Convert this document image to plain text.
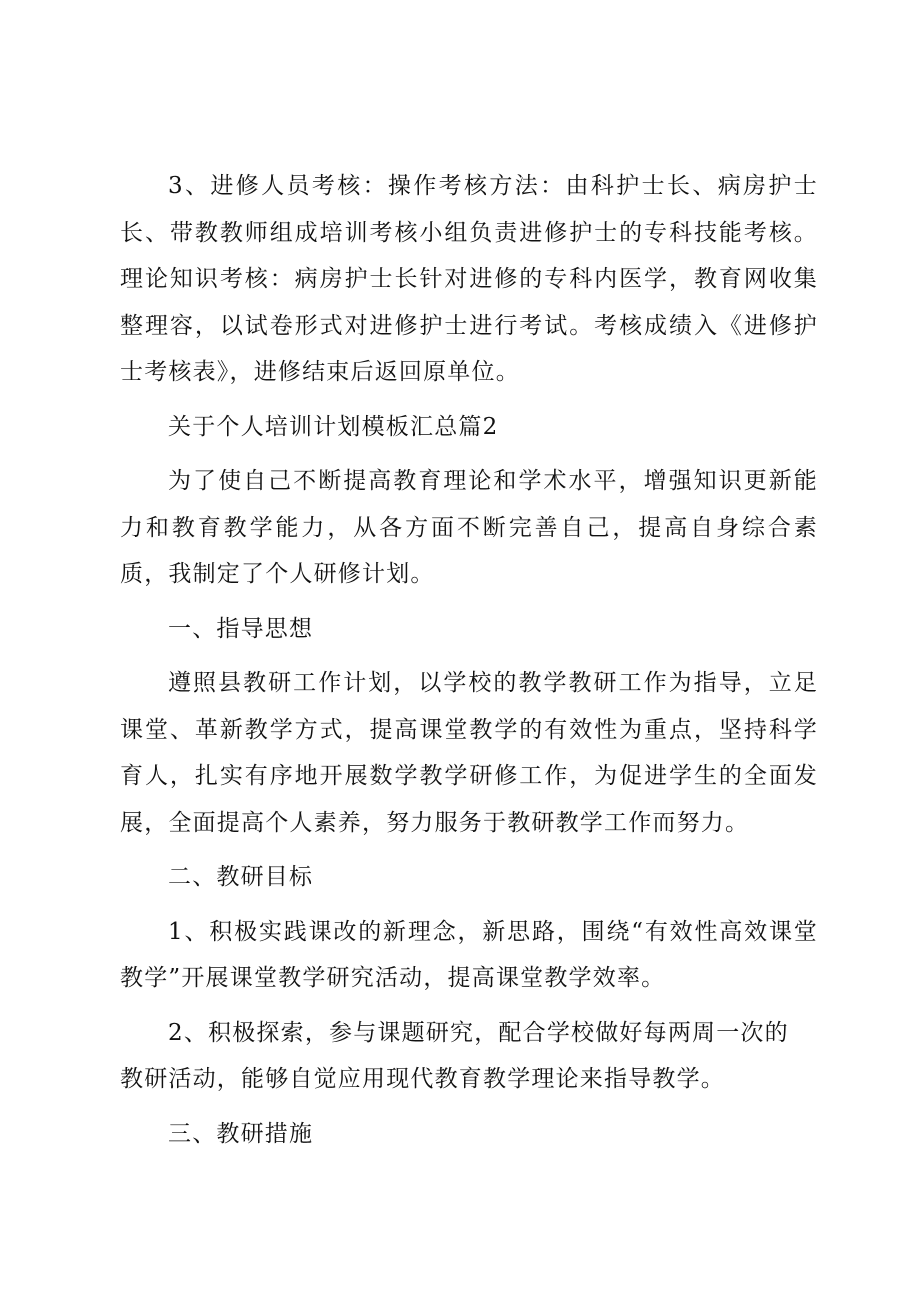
3、进修人员考核：操作考核方法：由科护士长、病房护士长、带教教师组成培训考核小组负责进修护士的专科技能考核。理论知识考核：病房护士长针对进修的专科内医学，教育网收集整理容，以试卷形式对进修护士进行考试。考核成绩入《进修护士考核表》，进修结束后返回原单位。

关于个人培训计划模板汇总篇2

为了使自己不断提高教育理论和学术水平，增强知识更新能力和教育教学能力，从各方面不断完善自己，提高自身综合素质，我制定了个人研修计划。

一、指导思想

遵照县教研工作计划，以学校的教学教研工作为指导，立足课堂、革新教学方式，提高课堂教学的有效性为重点，坚持科学育人，扎实有序地开展数学教学研修工作，为促进学生的全面发展，全面提高个人素养，努力服务于教研教学工作而努力。

二、教研目标

1、积极实践课改的新理念，新思路，围绕“有效性高效课堂教学”开展课堂教学研究活动，提高课堂教学效率。

2、积极探索，参与课题研究，配合学校做好每两周一次的
教研活动，能够自觉应用现代教育教学理论来指导教学。

三、教研措施
